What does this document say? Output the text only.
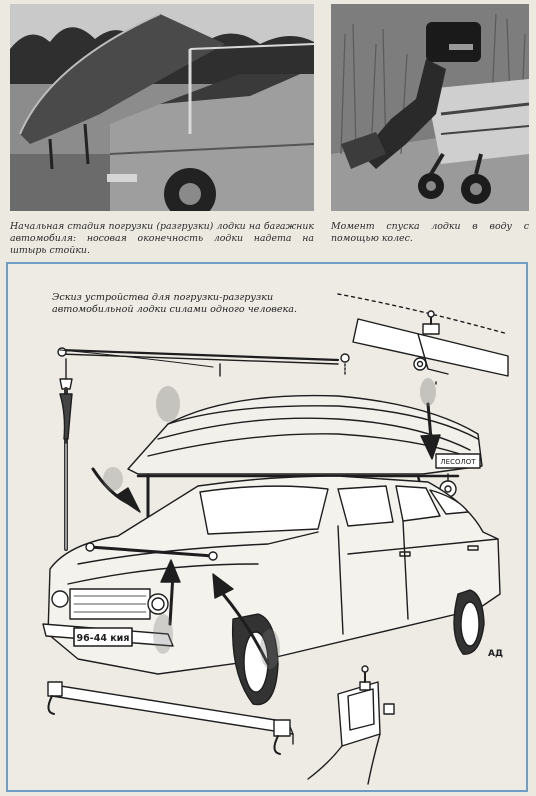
Начальная стадия погрузки (разгрузки) лодки на багажник автомобиля: носовая оконечность лодки надета на штырь стойки.

Момент спуска лодки в воду с помощью колес.

ЛЕСОЛОТ
96-44 кия
АД

Эскиз устройства для погрузки-разгрузки автомобильной лодки силами одного человека.
